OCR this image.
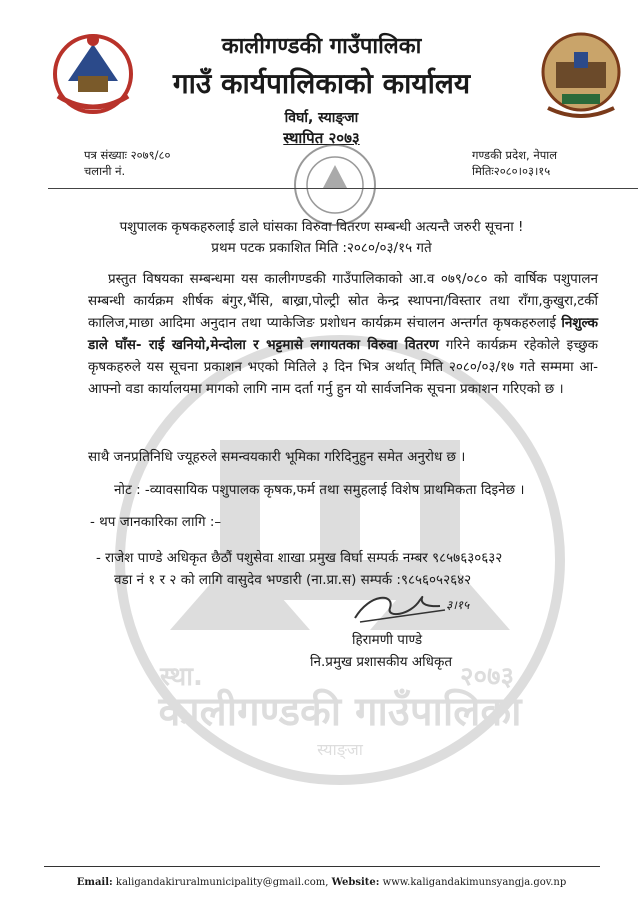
स्था.	२०७३
कालीगण्डकी गाउँपालिका
स्याङ्जा
कालीगण्डकी गाउँपालिका
गाउँ कार्यपालिकाको कार्यालय
विर्घा, स्याङ्जा
स्थापित २०७३
पत्र संख्याः २०७९/८०
चलानी नं.
गण्डकी प्रदेश, नेपाल
मितिः२०८०।०३।१५
पशुपालक कृषकहरुलाई डाले घांसका विरुवा वितरण सम्बन्धी अत्यन्तै जरुरी सूचना !
प्रथम पटक प्रकाशित मिति :२०८०/०३/१५ गते
प्रस्तुत विषयका सम्बन्धमा यस कालीगण्डकी गाउँपालिकाको आ.व ०७९/०८० को वार्षिक पशुपालन सम्बन्धी कार्यक्रम शीर्षक बंगुर,भैंसि, बाख्रा,पोल्ट्री स्रोत केन्द्र स्थापना/विस्तार तथा राँगा,कुखुरा,टर्की कालिज,माछा आदिमा अनुदान तथा प्याकेजिङ प्रशोधन कार्यक्रम संचालन अन्तर्गत कृषकहरुलाई निशुल्क डाले घाँस- राई खनियो,मेन्दोला र भट्टमासे लगायतका विरुवा वितरण गरिने कार्यक्रम रहेकोले इच्छुक कृषकहरुले यस सूचना प्रकाशन भएको मितिले ३ दिन भित्र अर्थात् मिति २०८०/०३/१७ गते सम्ममा आ- आफ्नो वडा कार्यालयमा मागको लागि नाम दर्ता गर्नु हुन यो सार्वजनिक सूचना प्रकाशन गरिएको छ ।
साथै जनप्रतिनिधि ज्यूहरुले समन्वयकारी भूमिका गरिदिनुहुन समेत अनुरोध छ ।
नोट : -व्यावसायिक पशुपालक कृषक,फर्म तथा समुहलाई विशेष प्राथमिकता दिइनेछ ।
- थप जानकारिका लागि :–
- राजेश पाण्डे अधिकृत छैठौं पशुसेवा शाखा प्रमुख विर्घा सम्पर्क नम्बर ९८५७६३०६३२
वडा नं १ र २ को लागि वासुदेव भण्डारी (ना.प्रा.स) सम्पर्क :९८५६०५२६४२
३।१५
हिरामणी पाण्डे
नि.प्रमुख प्रशासकीय अधिकृत
Email: kaligandakiruralmunicipality@gmail.com, Website: www.kaligandakimunsyangja.gov.np
